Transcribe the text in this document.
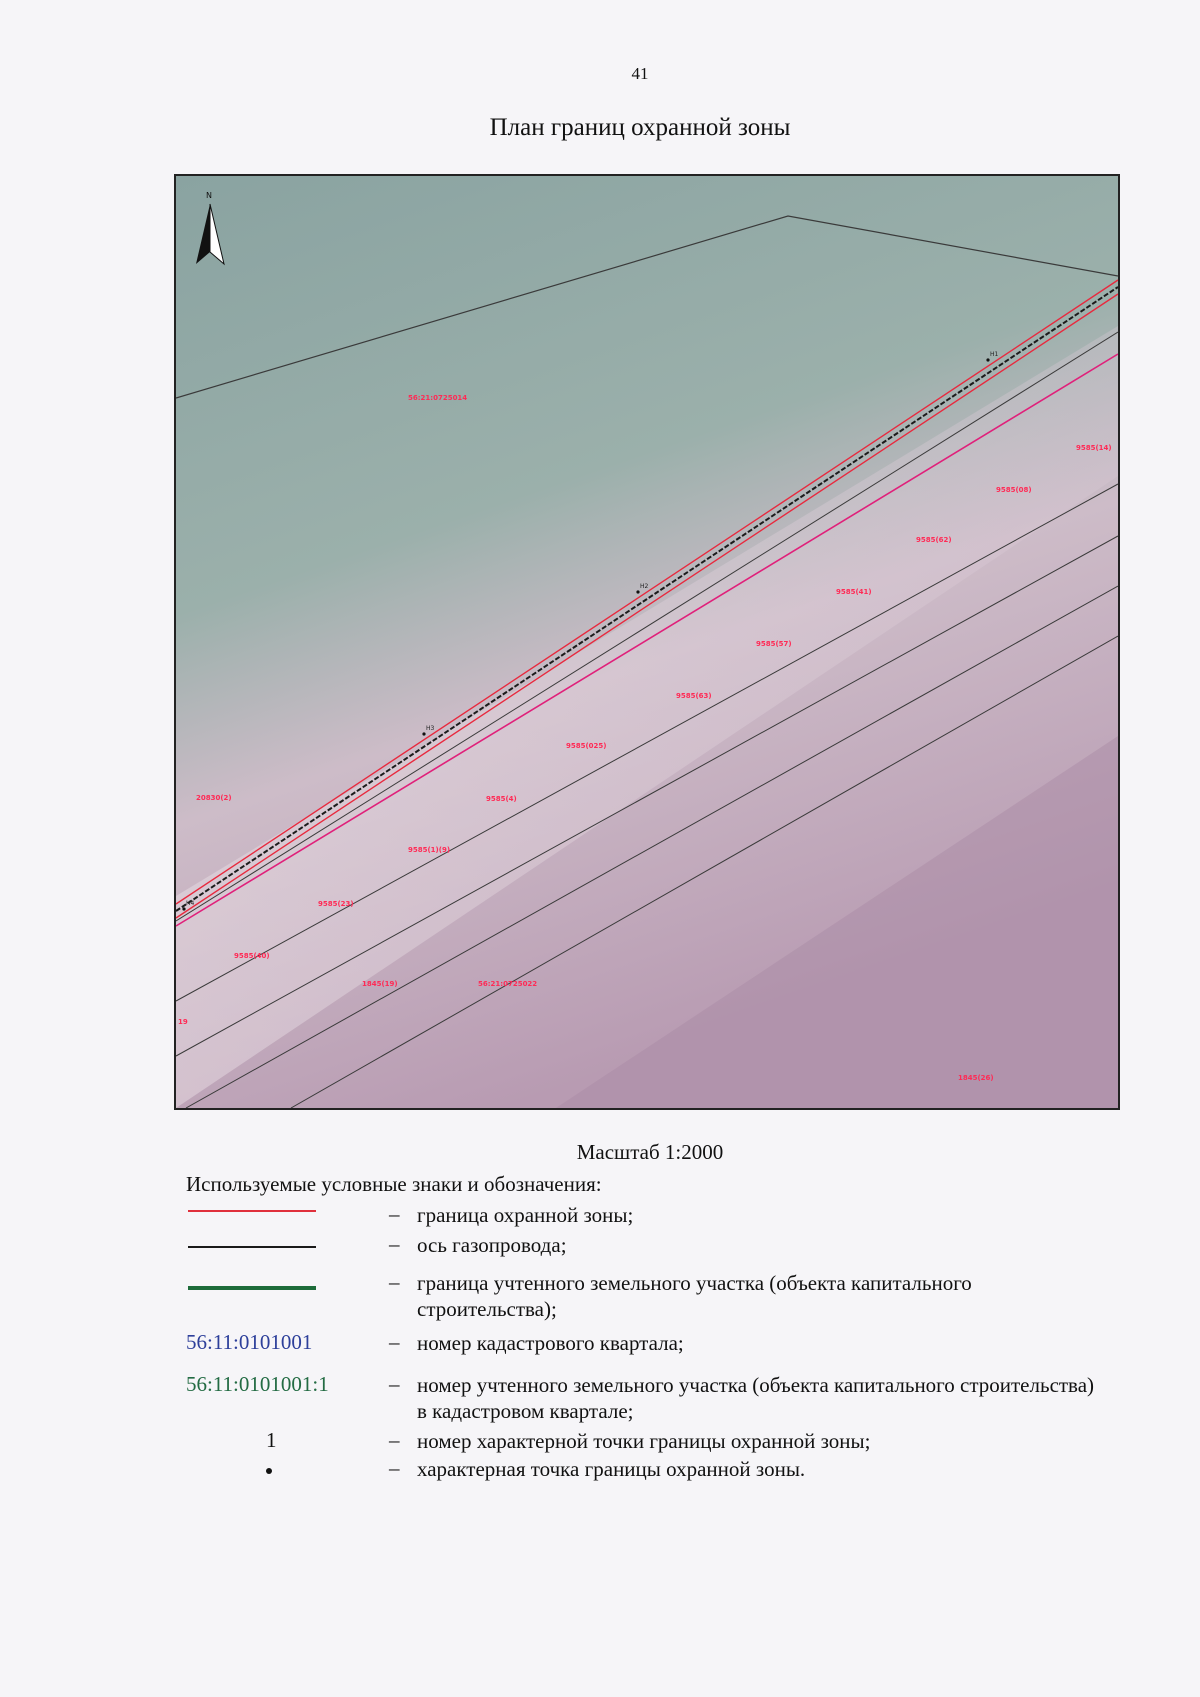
41
План границ охранной зоны
N
H1
H2
H3
H4
56:21:0725014
9585(14)
9585(08)
9585(62)
9585(41)
9585(57)
9585(63)
9585(025)
9585(4)
9585(1)(9)
9585(23)
9585(40)
1845(19)	56:21:0725022
1845(26)
19
20830(2)
Масштаб 1:2000
Используемые условные знаки и обозначения:
– граница охранной зоны;
– ось газопровода;
– граница учтенного земельного участка (объекта капитального строительства);
56:11:0101001	– номер кадастрового квартала;
56:11:0101001:1	– номер учтенного земельного участка (объекта капитального строительства) в кадастровом квартале;
1	– номер характерной точки границы охранной зоны;
– характерная точка границы охранной зоны.
